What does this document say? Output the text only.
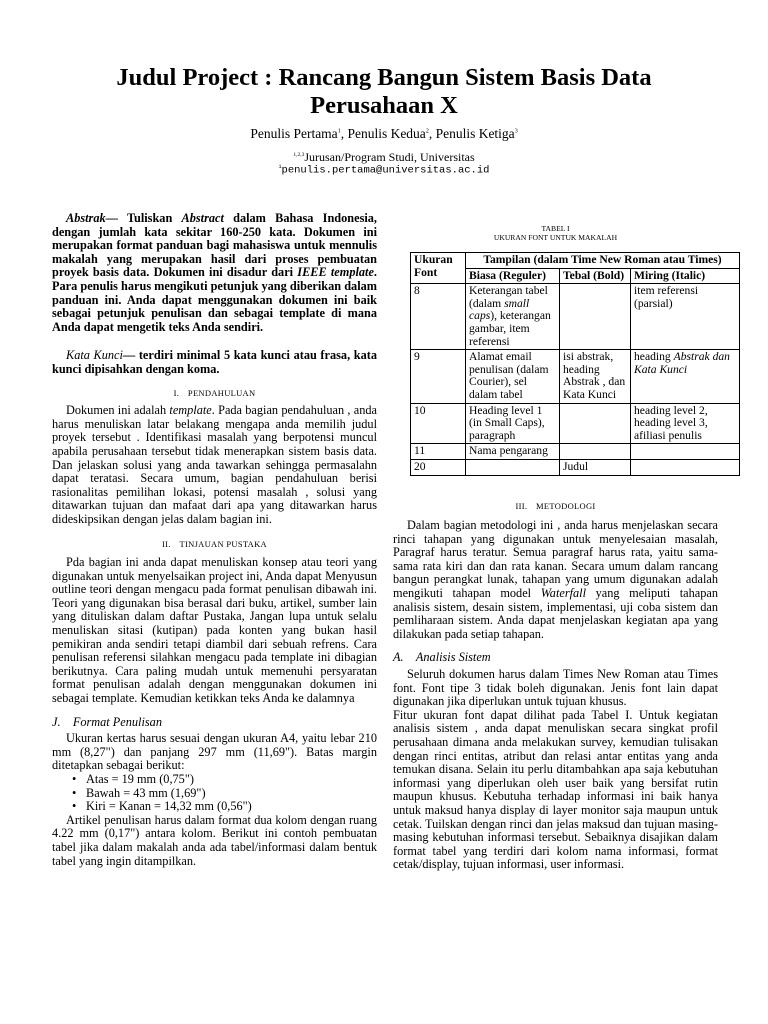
Judul Project : Rancang Bangun Sistem Basis Data
Perusahaan X
Penulis Pertama$^1$, Penulis Kedua$^2$, Penulis Ketiga$^3$
$^{1,2,3}$Jurusan/Program Studi, Universitas
$^1$penulis.pertama@universitas.ac.id

Abstrak— Tuliskan Abstract dalam Bahasa Indonesia, dengan jumlah kata sekitar 160-250 kata. Dokumen ini merupakan format panduan bagi mahasiswa untuk mennulis makalah yang merupakan hasil dari proses pembuatan proyek basis data. Dokumen ini disadur dari IEEE template. Para penulis harus mengikuti petunjuk yang diberikan dalam panduan ini. Anda dapat menggunakan dokumen ini baik sebagai petunjuk penulisan dan sebagai template di mana Anda dapat mengetik teks Anda sendiri.

Kata Kunci— terdiri minimal 5 kata kunci atau frasa, kata kunci dipisahkan dengan koma.

I. PENDAHULUAN

Dokumen ini adalah template. Pada bagian pendahuluan , anda harus menuliskan latar belakang mengapa anda memilih judul proyek tersebut . Identifikasi masalah yang berpotensi muncul apabila perusahaan tersebut tidak menerapkan sistem basis data. Dan jelaskan solusi yang anda tawarkan sehingga permasalahn dapat teratasi. Secara umum, bagian pendahuluan berisi rasionalitas pemilihan lokasi, potensi masalah , solusi yang ditawarkan tujuan dan mafaat dari apa yang ditawarkan harus dideskipsikan dengan jelas dalam bagian ini.

II. TINJAUAN PUSTAKA

Pda bagian ini anda dapat menuliskan konsep atau teori yang digunakan untuk menyelsaikan project ini, Anda dapat Menyusun outline teori dengan mengacu pada format penulisan dibawah ini. Teori yang digunakan bisa berasal dari buku, artikel, sumber lain yang dituliskan dalam daftar Pustaka, Jangan lupa untuk selalu menuliskan sitasi (kutipan) pada konten yang bukan hasil pemikiran anda sendiri tetapi diambil dari sebuah refrens. Cara penulisan referensi silahkan mengacu pada template ini dibagian berikutnya. Cara paling mudah untuk memenuhi persyaratan format penulisan adalah dengan menggunakan dokumen ini sebagai template. Kemudian ketikkan teks Anda ke dalamnya

J. Format Penulisan

Ukuran kertas harus sesuai dengan ukuran A4, yaitu lebar 210 mm (8,27") dan panjang 297 mm (11,69"). Batas margin ditetapkan sebagai berikut:

• Atas = 19 mm (0,75")
• Bawah = 43 mm (1,69")
• Kiri = Kanan = 14,32 mm (0,56")

Artikel penulisan harus dalam format dua kolom dengan ruang 4.22 mm (0,17") antara kolom. Berikut ini contoh pembuatan tabel jika dalam makalah anda ada tabel/informasi dalam bentuk tabel yang ingin ditampilkan.

TABEL I
UKURAN FONT UNTUK MAKALAH
Ukuran Font	Tampilan (dalam Time New Roman atau Times)		
	Biasa (Reguler)	Tebal (Bold)	Miring (Italic)
8	Keterangan tabel (dalam small caps), keterangan gambar, item referensi		item referensi (parsial)
9	Alamat email penulisan (dalam Courier), sel dalam tabel	isi abstrak, heading Abstrak , dan Kata Kunci	heading Abstrak dan Kata Kunci
10	Heading level 1 (in Small Caps), paragraph		heading level 2, heading level 3, afiliasi penulis
11	Nama pengarang		
20		Judul	

III. METODOLOGI

Dalam bagian metodologi ini , anda harus menjelaskan secara rinci tahapan yang digunakan untuk menyelesaian masalah, Paragraf harus teratur. Semua paragraf harus rata, yaitu sama-sama rata kiri dan dan rata kanan. Secara umum dalam rancang bangun perangkat lunak, tahapan yang umum digunakan adalah mengikuti tahapan model Waterfall yang meliputi tahapan analisis sistem, desain sistem, implementasi, uji coba sistem dan pemliharaan sistem. Anda dapat menjelaskan kegiatan apa yang dilakukan pada setiap tahapan.

A. Analisis Sistem

Seluruh dokumen harus dalam Times New Roman atau Times font. Font tipe 3 tidak boleh digunakan. Jenis font lain dapat digunakan jika diperlukan untuk tujuan khusus.

Fitur ukuran font dapat dilihat pada Tabel I. Untuk kegiatan analisis sistem , anda dapat menuliskan secara singkat profil perusahaan dimana anda melakukan survey, kemudian tulisakan dengan rinci entitas, atribut dan relasi antar entitas yang anda temukan disana. Selain itu perlu ditambahkan apa saja kebutuhan informasi yang diperlukan oleh user baik yang bersifat rutin maupun khusus. Kebutuha terhadap informasi ini baik hanya untuk maksud hanya display di layer monitor saja maupun untuk cetak. Tuilskan dengan rinci dan jelas maksud dan tujuan masing-masing kebutuhan informasi tersebut. Sebaiknya disajikan dalam format tabel yang terdiri dari kolom nama informasi, format cetak/display, tujuan informasi, user informasi.
